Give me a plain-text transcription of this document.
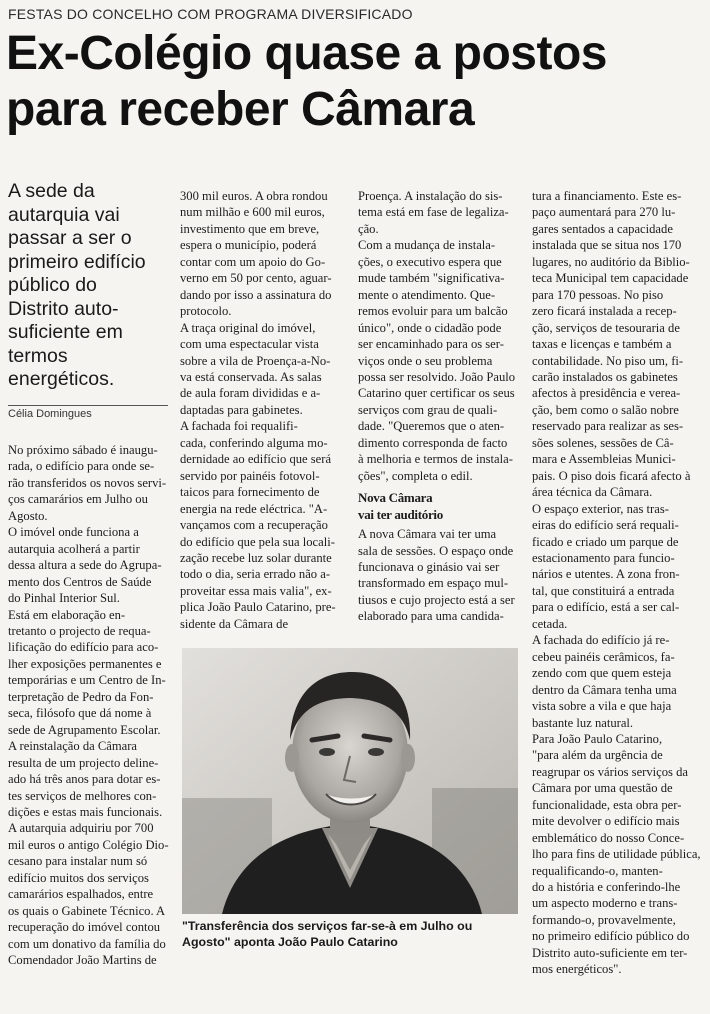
FESTAS DO CONCELHO COM PROGRAMA DIVERSIFICADO
Ex-Colégio quase a postos
para receber Câmara
A sede da
autarquia vai
passar a ser o
primeiro edifício
público do
Distrito auto-
suficiente em
termos
energéticos.
Célia Domingues
No próximo sábado é inaugu-
rada, o edifício para onde se-
rão transferidos os novos servi-
ços camarários em Julho ou
Agosto.
O imóvel onde funciona a
autarquia acolherá a partir
dessa altura a sede do Agrupa-
mento dos Centros de Saúde
do Pinhal Interior Sul.
Está em elaboração en-
tretanto o projecto de requa-
lificação do edifício para aco-
lher exposições permanentes e
temporárias e um Centro de In-
terpretação de Pedro da Fon-
seca, filósofo que dá nome à
sede de Agrupamento Escolar.
A reinstalação da Câmara
resulta de um projecto deline-
ado há três anos para dotar es-
tes serviços de melhores con-
dições e estas mais funcionais.
A autarquia adquiriu por 700
mil euros o antigo Colégio Dio-
cesano para instalar num só
edifício muitos dos serviços
camarários espalhados, entre
os quais o Gabinete Técnico. A
recuperação do imóvel contou
com um donativo da família do
Comendador João Martins de
300 mil euros. A obra rondou
num milhão e 600 mil euros,
investimento que em breve,
espera o município, poderá
contar com um apoio do Go-
verno em 50 por cento, aguar-
dando por isso a assinatura do
protocolo.
A traça original do imóvel,
com uma espectacular vista
sobre a vila de Proença-a-No-
va está conservada. As salas
de aula foram divididas e a-
daptadas para gabinetes.
A fachada foi requalifi-
cada, conferindo alguma mo-
dernidade ao edifício que será
servido por painéis fotovol-
taicos para fornecimento de
energia na rede eléctrica. "A-
vançamos com a recuperação
do edifício que pela sua locali-
zação recebe luz solar durante
todo o dia, seria errado não a-
proveitar essa mais valia", ex-
plica João Paulo Catarino, pre-
sidente da Câmara de
Proença. A instalação do sis-
tema está em fase de legaliza-
ção.
Com a mudança de instala-
ções, o executivo espera que
mude também "significativa-
mente o atendimento. Que-
remos evoluir para um balcão
único", onde o cidadão pode
ser encaminhado para os ser-
viços onde o seu problema
possa ser resolvido. João Paulo
Catarino quer certificar os seus
serviços com grau de quali-
dade. "Queremos que o aten-
dimento corresponda de facto
à melhoria e termos de instala-
ções", completa o edil.
Nova Câmara
vai ter auditório
A nova Câmara vai ter uma
sala de sessões. O espaço onde
funcionava o ginásio vai ser
transformado em espaço mul-
tiusos e cujo projecto está a ser
elaborado para uma candida-
tura a financiamento. Este es-
paço aumentará para 270 lu-
gares sentados a capacidade
instalada que se situa nos 170
lugares, no auditório da Biblio-
teca Municipal tem capacidade
para 170 pessoas. No piso
zero ficará instalada a recep-
ção, serviços de tesouraria de
taxas e licenças e também a
contabilidade. No piso um, fi-
carão instalados os gabinetes
afectos à presidência e verea-
ção, bem como o salão nobre
reservado para realizar as ses-
sões solenes, sessões de Câ-
mara e Assembleias Munici-
pais. O piso dois ficará afecto à
área técnica da Câmara.
O espaço exterior, nas tras-
eiras do edifício será requali-
ficado e criado um parque de
estacionamento para funcio-
nários e utentes. A zona fron-
tal, que constituirá a entrada
para o edifício, está a ser cal-
cetada.
A fachada do edifício já re-
cebeu painéis cerâmicos, fa-
zendo com que quem esteja
dentro da Câmara tenha uma
vista sobre a vila e que haja
bastante luz natural.
Para João Paulo Catarino,
"para além da urgência de
reagrupar os vários serviços da
Câmara por uma questão de
funcionalidade, esta obra per-
mite devolver o edifício mais
emblemático do nosso Conce-
lho para fins de utilidade pública,
requalificando-o, manten-
do a história e conferindo-lhe
um aspecto moderno e trans-
formando-o, provavelmente,
no primeiro edifício público do
Distrito auto-suficiente em ter-
mos energéticos".
"Transferência dos serviços far-se-à em Julho ou
Agosto" aponta João Paulo Catarino
